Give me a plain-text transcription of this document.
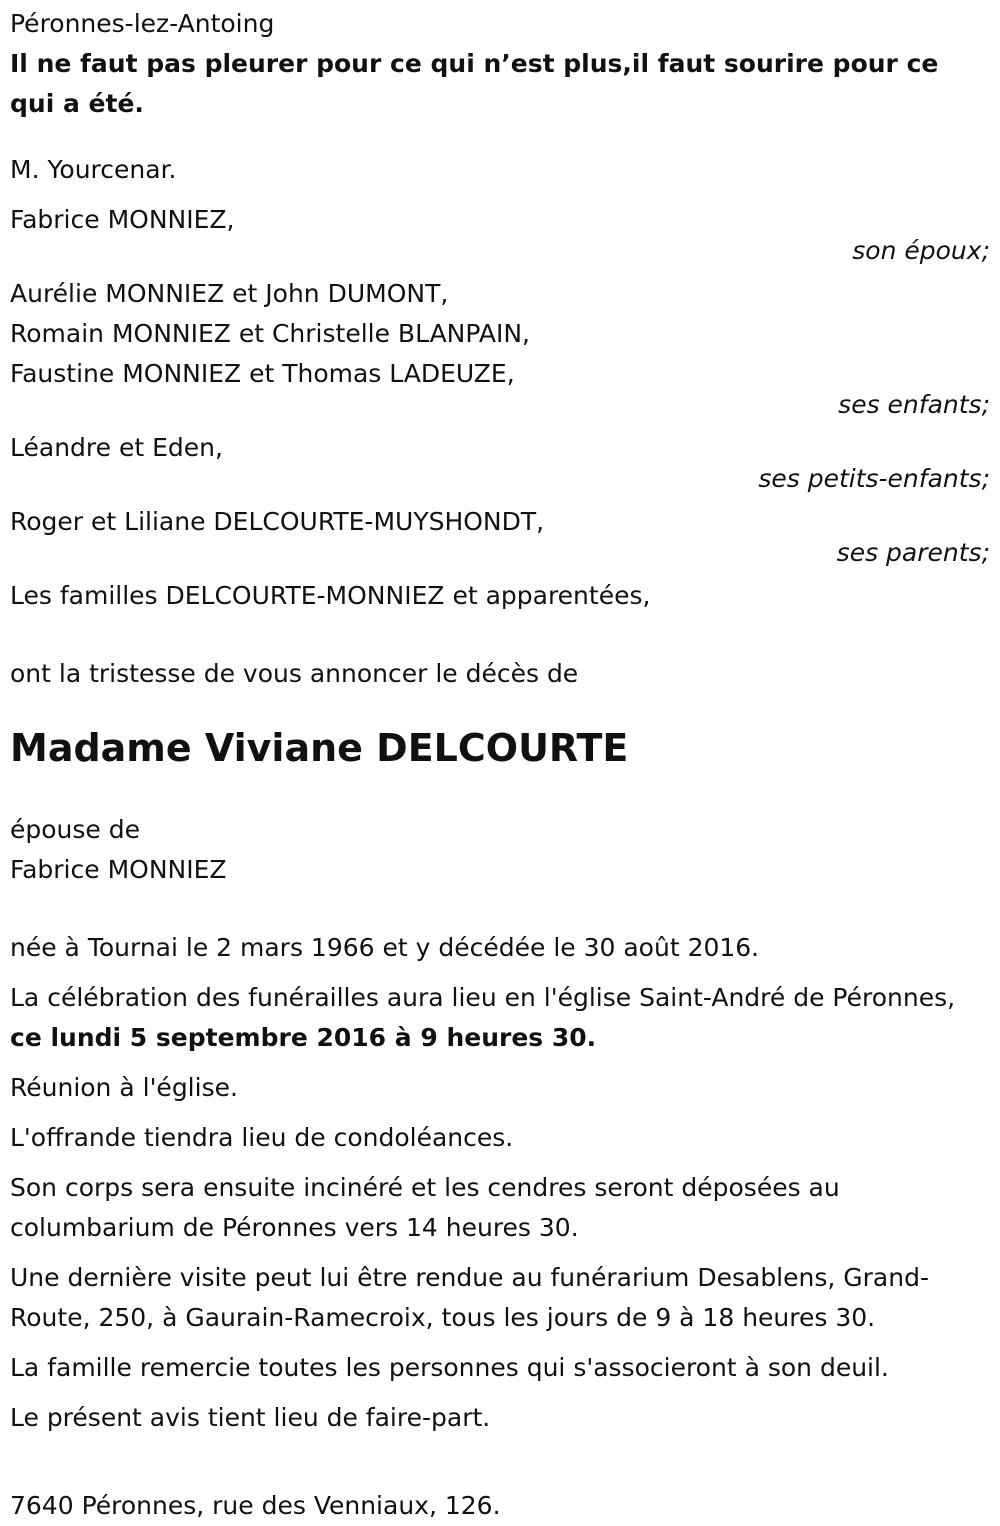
Péronnes-lez-Antoing
Il ne faut pas pleurer pour ce qui n’est plus,il faut sourire pour ce qui a été.
M. Yourcenar.
Fabrice MONNIEZ,
son époux;
Aurélie MONNIEZ et John DUMONT,
Romain MONNIEZ et Christelle BLANPAIN,
Faustine MONNIEZ et Thomas LADEUZE,
ses enfants;
Léandre et Eden,
ses petits-enfants;
Roger et Liliane DELCOURTE-MUYSHONDT,
ses parents;
Les familles DELCOURTE-MONNIEZ et apparentées,
ont la tristesse de vous annoncer le décès de
Madame Viviane DELCOURTE
épouse de
Fabrice MONNIEZ
née à Tournai le 2 mars 1966 et y décédée le 30 août 2016.
La célébration des funérailles aura lieu en l'église Saint-André de Péronnes, ce lundi 5 septembre 2016 à 9 heures 30.
Réunion à l'église.
L'offrande tiendra lieu de condoléances.
Son corps sera ensuite incinéré et les cendres seront déposées au columbarium de Péronnes vers 14 heures 30.
Une dernière visite peut lui être rendue au funérarium Desablens, Grand-Route, 250, à Gaurain-Ramecroix, tous les jours de 9 à 18 heures 30.
La famille remercie toutes les personnes qui s'associeront à son deuil.
Le présent avis tient lieu de faire-part.
7640 Péronnes, rue des Venniaux, 126.
